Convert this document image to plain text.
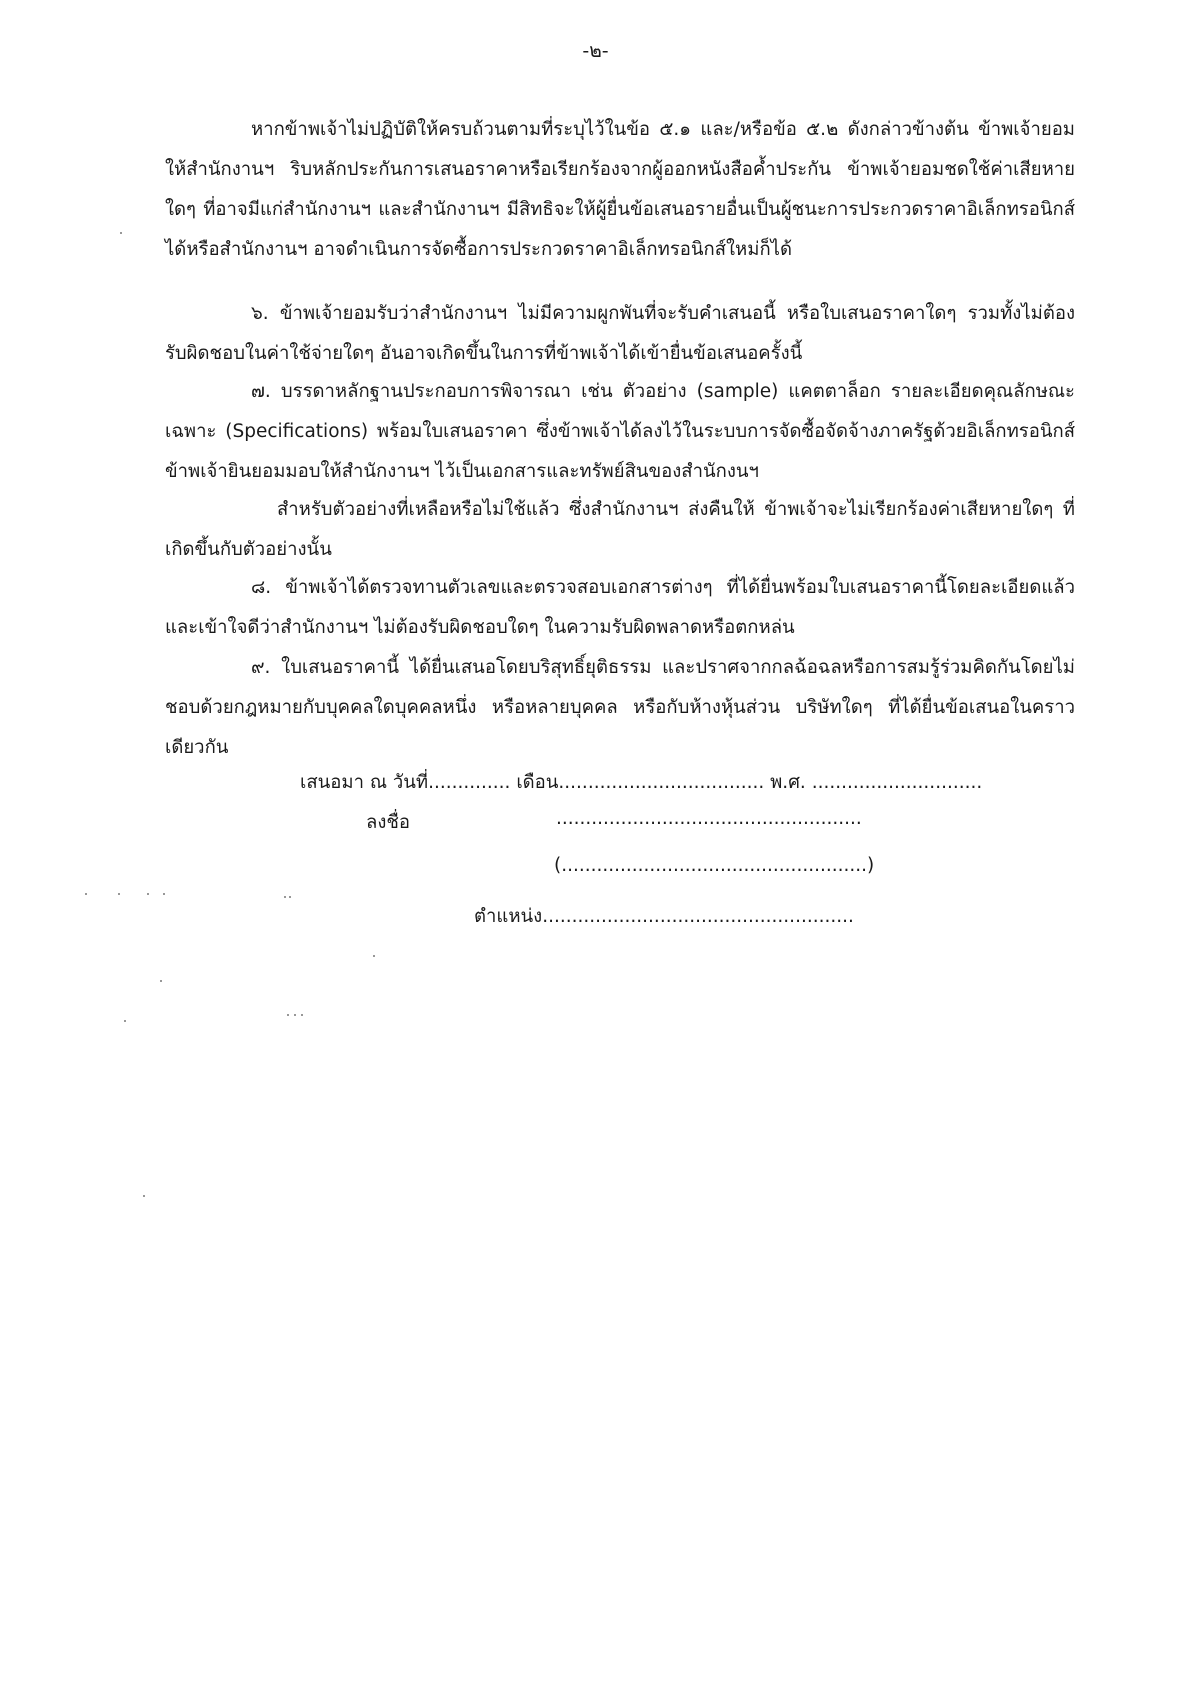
-๒-

หากข้าพเจ้าไม่ปฏิบัติให้ครบถ้วนตามที่ระบุไว้ในข้อ ๕.๑ และ/หรือข้อ ๕.๒ ดังกล่าวข้างต้น ข้าพเจ้ายอมให้สำนักงานฯ ริบหลักประกันการเสนอราคาหรือเรียกร้องจากผู้ออกหนังสือค้ำประกัน ข้าพเจ้ายอมชดใช้ค่าเสียหายใดๆ ที่อาจมีแก่สำนักงานฯ และสำนักงานฯ มีสิทธิจะให้ผู้ยื่นข้อเสนอรายอื่นเป็นผู้ชนะการประกวดราคาอิเล็กทรอนิกส์ได้หรือสำนักงานฯ อาจดำเนินการจัดซื้อการประกวดราคาอิเล็กทรอนิกส์ใหม่ก็ได้

๖. ข้าพเจ้ายอมรับว่าสำนักงานฯ ไม่มีความผูกพันที่จะรับคำเสนอนี้ หรือใบเสนอราคาใดๆ รวมทั้งไม่ต้องรับผิดชอบในค่าใช้จ่ายใดๆ อันอาจเกิดขึ้นในการที่ข้าพเจ้าได้เข้ายื่นข้อเสนอครั้งนี้

๗. บรรดาหลักฐานประกอบการพิจารณา เช่น ตัวอย่าง (sample) แคตตาล็อก รายละเอียดคุณลักษณะเฉพาะ (Specifications) พร้อมใบเสนอราคา ซึ่งข้าพเจ้าได้ลงไว้ในระบบการจัดซื้อจัดจ้างภาครัฐด้วยอิเล็กทรอนิกส์ ข้าพเจ้ายินยอมมอบให้สำนักงานฯ ไว้เป็นเอกสารและทรัพย์สินของสำนักงนฯ

สำหรับตัวอย่างที่เหลือหรือไม่ใช้แล้ว ซึ่งสำนักงานฯ ส่งคืนให้ ข้าพเจ้าจะไม่เรียกร้องค่าเสียหายใดๆ ที่เกิดขึ้นกับตัวอย่างนั้น

๘. ข้าพเจ้าได้ตรวจทานตัวเลขและตรวจสอบเอกสารต่างๆ ที่ได้ยื่นพร้อมใบเสนอราคานี้โดยละเอียดแล้ว และเข้าใจดีว่าสำนักงานฯ ไม่ต้องรับผิดชอบใดๆ ในความรับผิดพลาดหรือตกหล่น

๙. ใบเสนอราคานี้ ได้ยื่นเสนอโดยบริสุทธิ์ยุติธรรม และปราศจากกลฉ้อฉลหรือการสมรู้ร่วมคิดกันโดยไม่ชอบด้วยกฎหมายกับบุคคลใดบุคคลหนึ่ง หรือหลายบุคคล หรือกับห้างหุ้นส่วน บริษัทใดๆ ที่ได้ยื่นข้อเสนอในคราวเดียวกัน

เสนอมา ณ วันที่.............. เดือน................................... พ.ศ. .............................

ลงชื่อ	....................................................

(....................................................)

ตำแหน่ง.....................................................
